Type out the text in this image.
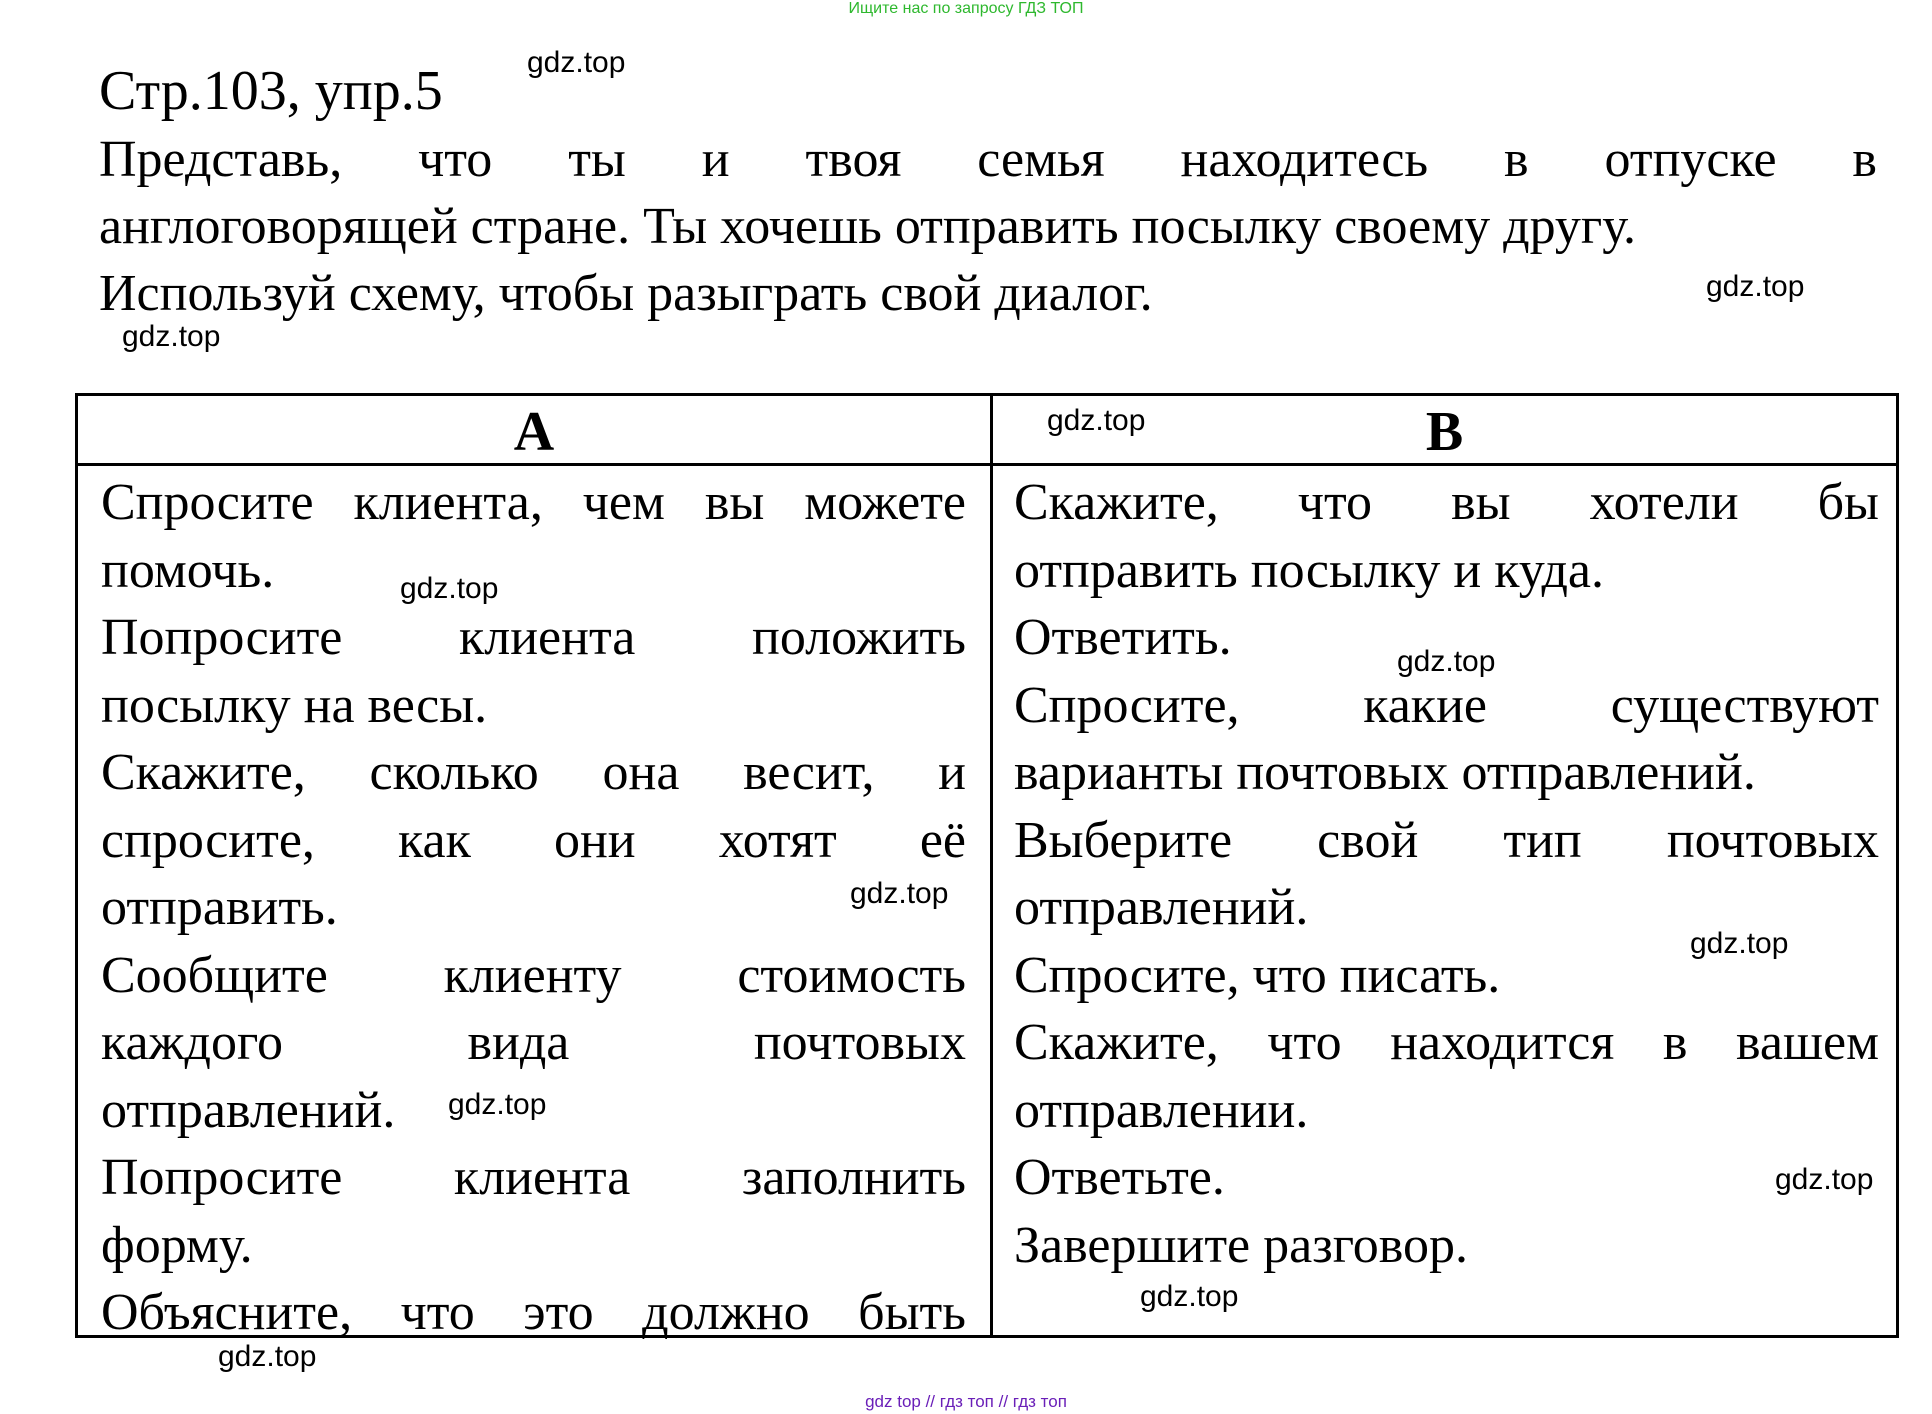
Ищите нас по запросу ГДЗ ТОП
Стр.103, упр.5
Представь, что ты и твоя семья находитесь в отпуске в
англоговорящей стране. Ты хочешь отправить посылку своему другу.
Используй схему, чтобы разыграть свой диалог.
A	B
Спросите клиента, чем вы можете
помочь.
Попросите клиента положить
посылку на весы.
Скажите, сколько она весит, и
спросите, как они хотят её
отправить.
Сообщите клиенту стоимость
каждого вида почтовых
отправлений.
Попросите клиента заполнить
форму.
Объясните, что это должно быть
Скажите, что вы хотели бы
отправить посылку и куда.
Ответить.
Спросите, какие существуют
варианты почтовых отправлений.
Выберите свой тип почтовых
отправлений.
Спросите, что писать.
Скажите, что находится в вашем
отправлении.
Ответьте.
Завершите разговор.
gdz.top
gdz.top
gdz.top
gdz.top
gdz.top
gdz.top
gdz.top
gdz.top
gdz.top
gdz.top
gdz.top
gdz.top
gdz top // гдз топ // гдз топ
